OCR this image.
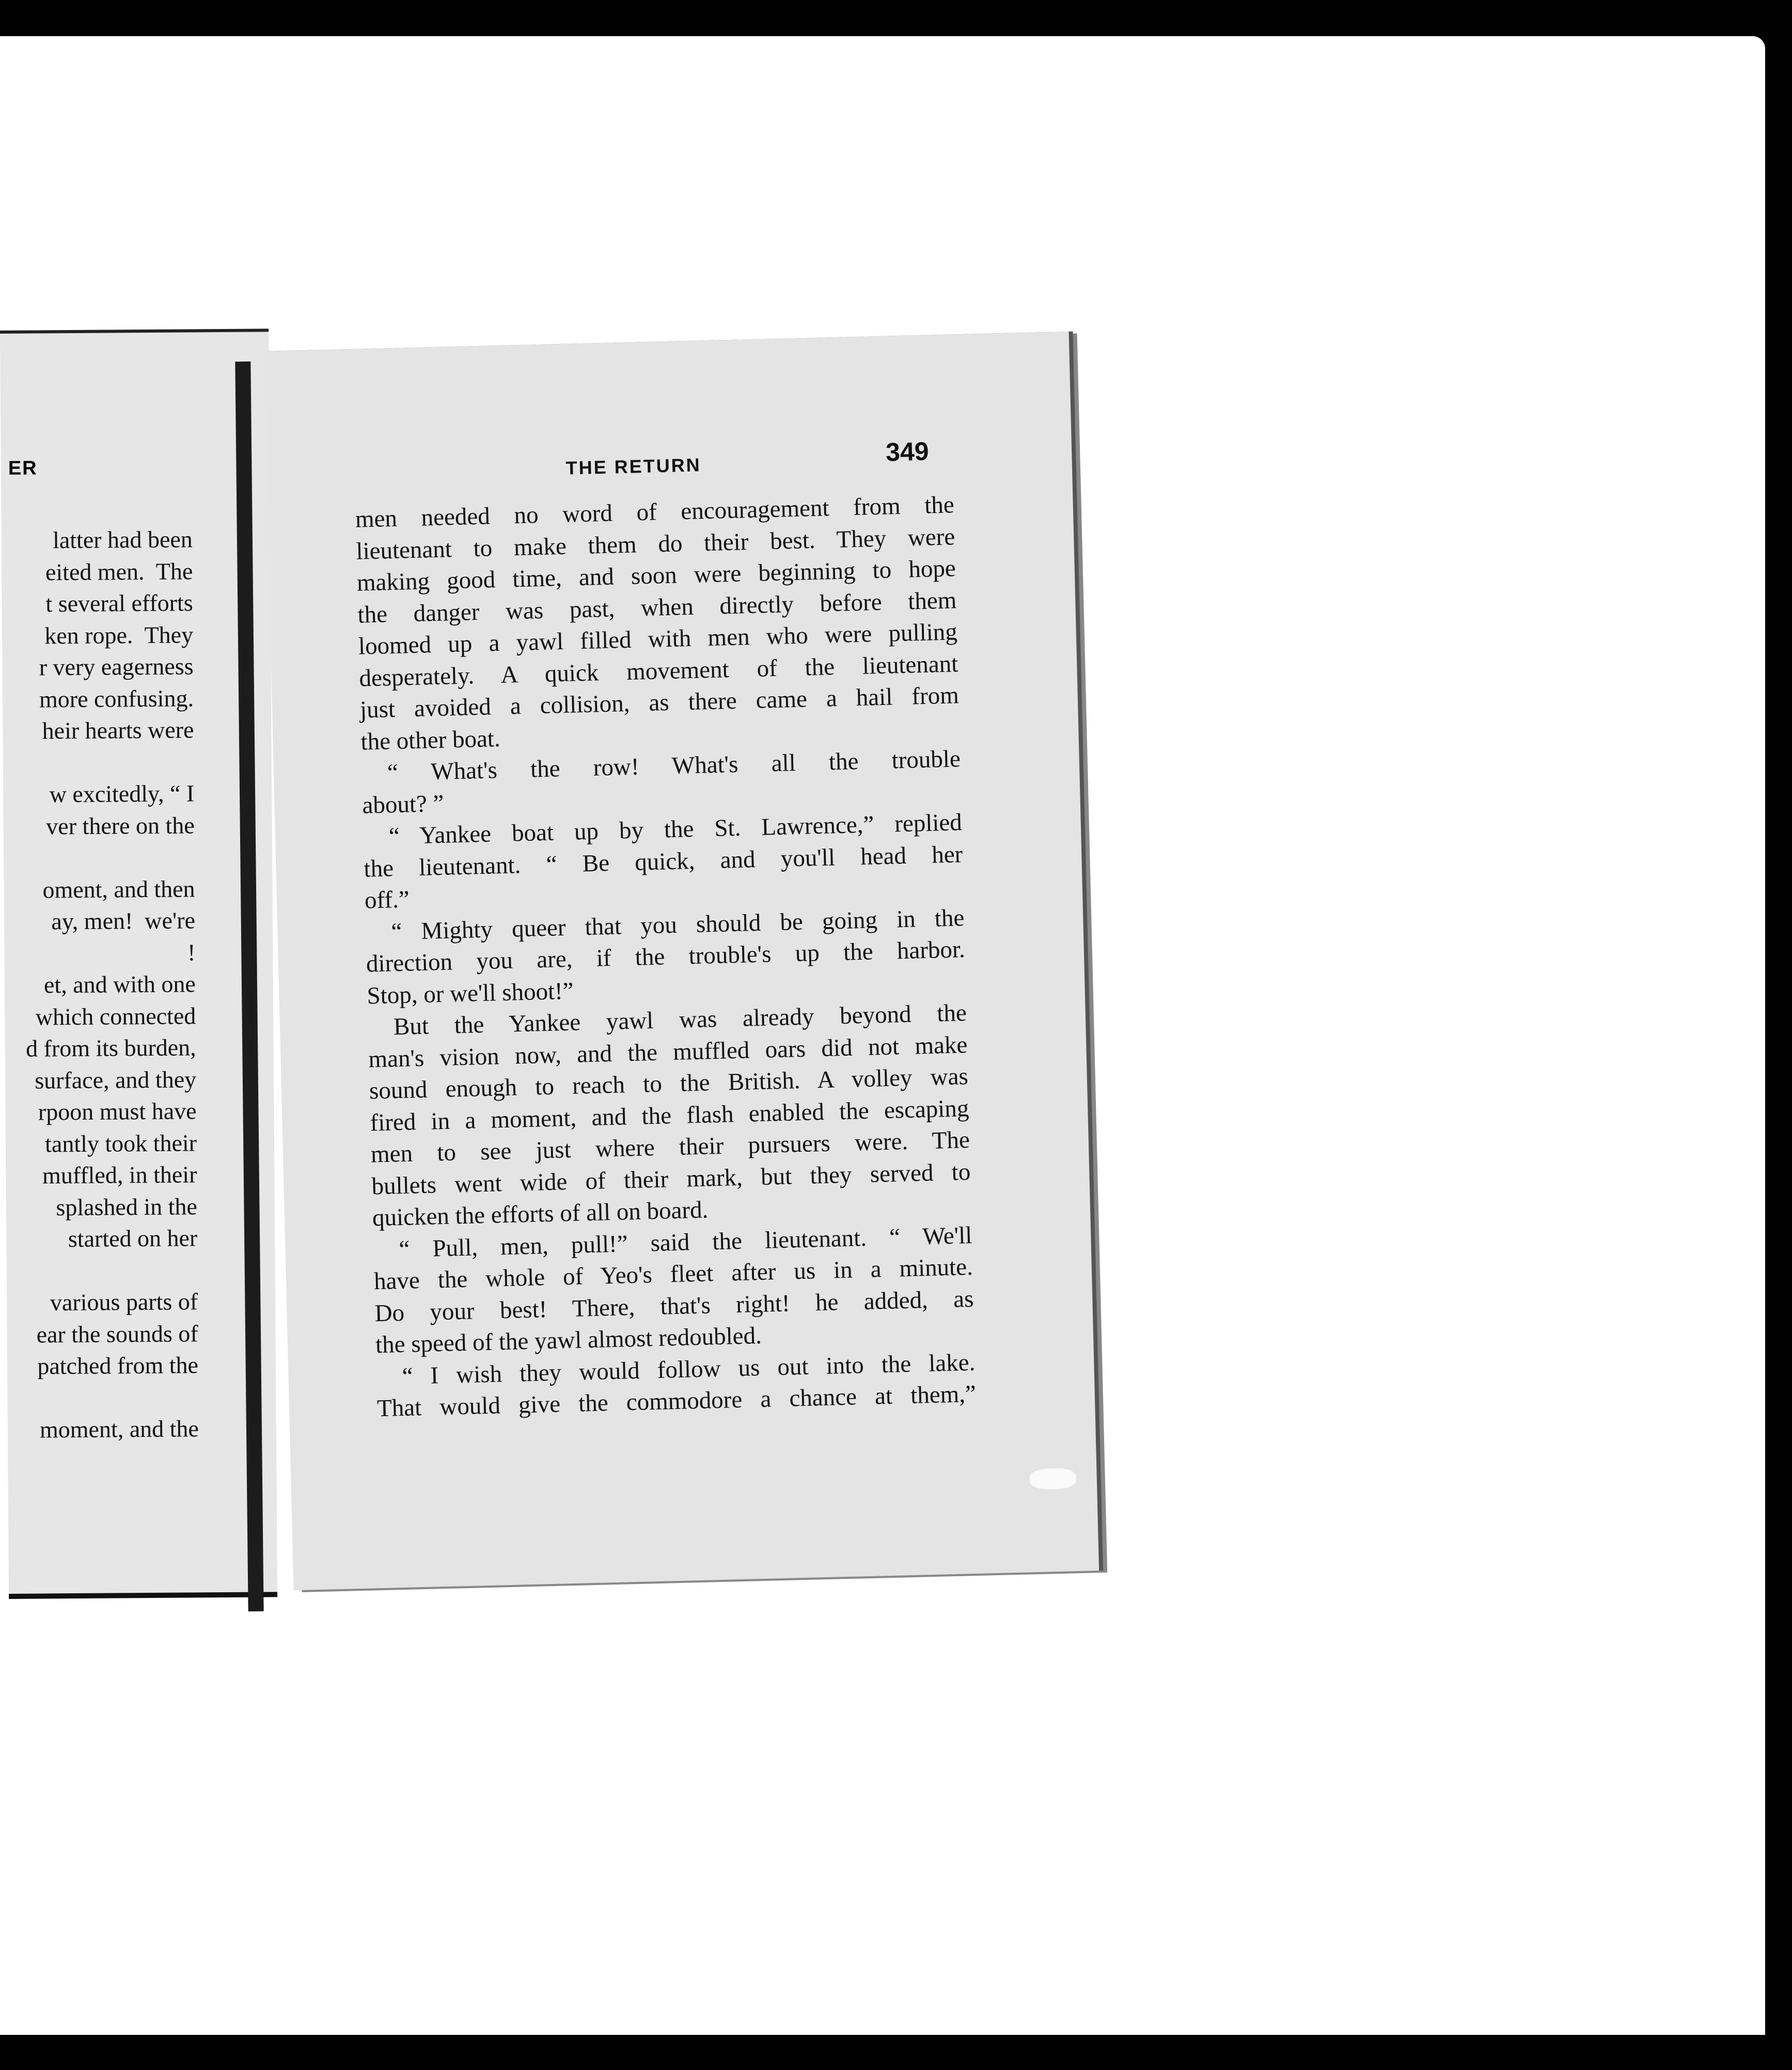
ER
latter had been
eited men.  The
t several efforts
ken rope.  They
r very eagerness
more confusing.
heir hearts were

w excitedly, “ I
ver there on the

oment, and then
ay, men!  we're
!
et, and with one
which connected
d from its burden,
surface, and they
rpoon must have
tantly took their
muffled, in their
splashed in the
started on her

various parts of
ear the sounds of
patched from the

moment, and the
THE RETURN	349
men needed no word of encouragement from the
lieutenant to make them do their best. They were
making good time, and soon were beginning to hope
the danger was past, when directly before them
loomed up a yawl filled with men who were pulling
desperately. A quick movement of the lieutenant
just avoided a collision, as there came a hail from
the other boat.
“ What's the row! What's all the trouble
about? ”
“ Yankee boat up by the St. Lawrence,” replied
the lieutenant. “ Be quick, and you'll head her
off.”
“ Mighty queer that you should be going in the
direction you are, if the trouble's up the harbor.
Stop, or we'll shoot!”
But the Yankee yawl was already beyond the
man's vision now, and the muffled oars did not make
sound enough to reach to the British. A volley was
fired in a moment, and the flash enabled the escaping
men to see just where their pursuers were. The
bullets went wide of their mark, but they served to
quicken the efforts of all on board.
“ Pull, men, pull!” said the lieutenant. “ We'll
have the whole of Yeo's fleet after us in a minute.
Do your best! There, that's right! he added, as
the speed of the yawl almost redoubled.
“ I wish they would follow us out into the lake.
That would give the commodore a chance at them,”
